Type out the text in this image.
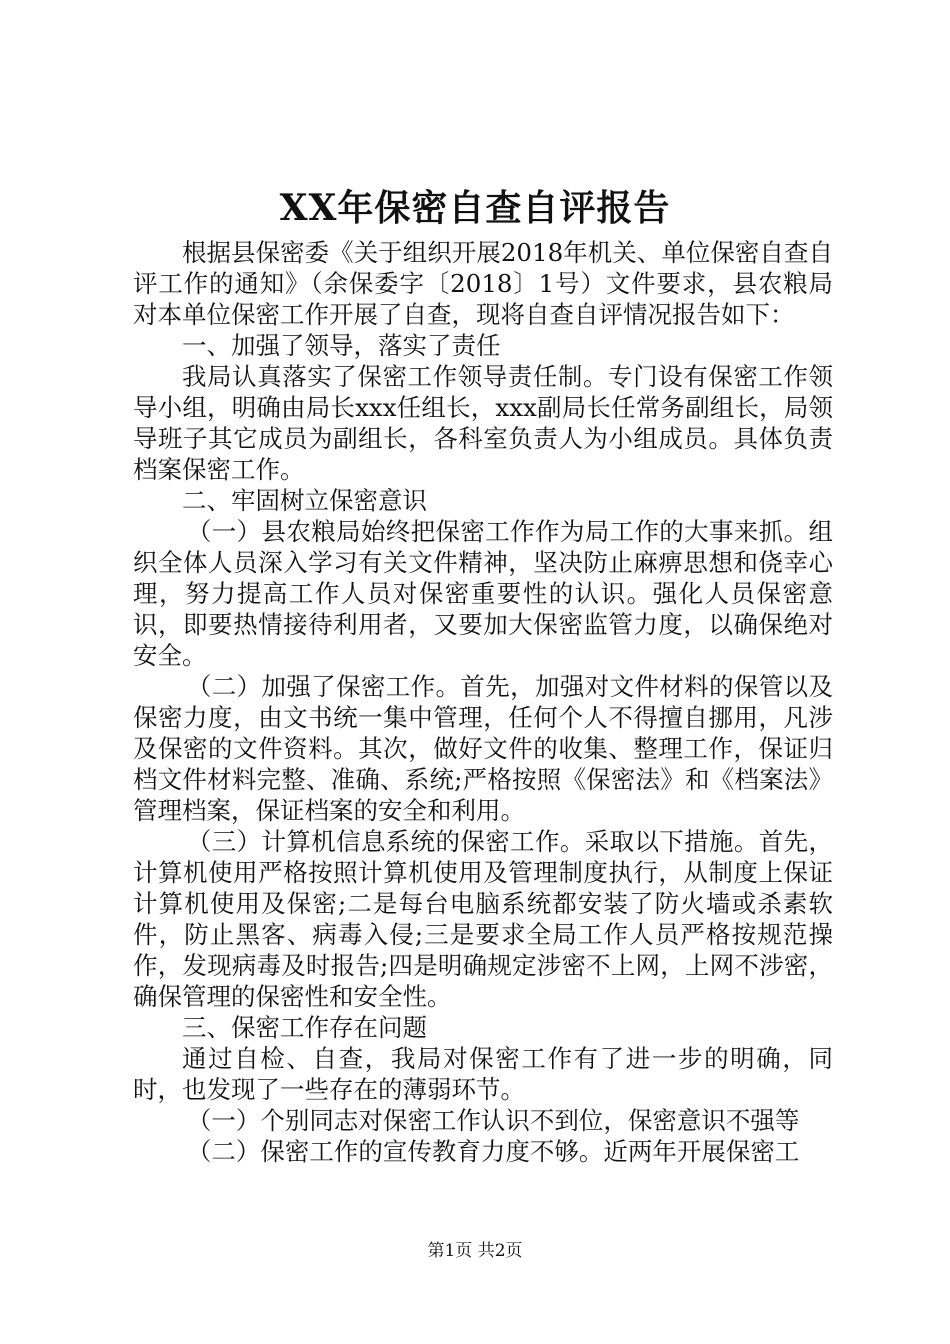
XX年保密自查自评报告

根据县保密委《关于组织开展2018年机关、单位保密自查自评工作的通知》（余保委字〔2018〕1号）文件要求，县农粮局对本单位保密工作开展了自查，现将自查自评情况报告如下：

一、加强了领导，落实了责任

我局认真落实了保密工作领导责任制。专门设有保密工作领导小组，明确由局长xxx任组长，xxx副局长任常务副组长，局领导班子其它成员为副组长，各科室负责人为小组成员。具体负责档案保密工作。

二、牢固树立保密意识

（一）县农粮局始终把保密工作作为局工作的大事来抓。组织全体人员深入学习有关文件精神，坚决防止麻痹思想和侥幸心理，努力提高工作人员对保密重要性的认识。强化人员保密意识，即要热情接待利用者，又要加大保密监管力度，以确保绝对安全。

（二）加强了保密工作。首先，加强对文件材料的保管以及保密力度，由文书统一集中管理，任何个人不得擅自挪用，凡涉及保密的文件资料。其次，做好文件的收集、整理工作，保证归档文件材料完整、准确、系统;严格按照《保密法》和《档案法》管理档案，保证档案的安全和利用。

（三）计算机信息系统的保密工作。采取以下措施。首先，计算机使用严格按照计算机使用及管理制度执行，从制度上保证计算机使用及保密;二是每台电脑系统都安装了防火墙或杀素软件，防止黑客、病毒入侵;三是要求全局工作人员严格按规范操作，发现病毒及时报告;四是明确规定涉密不上网，上网不涉密，确保管理的保密性和安全性。

三、保密工作存在问题

通过自检、自查，我局对保密工作有了进一步的明确，同时，也发现了一些存在的薄弱环节。

（一）个别同志对保密工作认识不到位，保密意识不强等

（二）保密工作的宣传教育力度不够。近两年开展保密工

第1页 共2页
